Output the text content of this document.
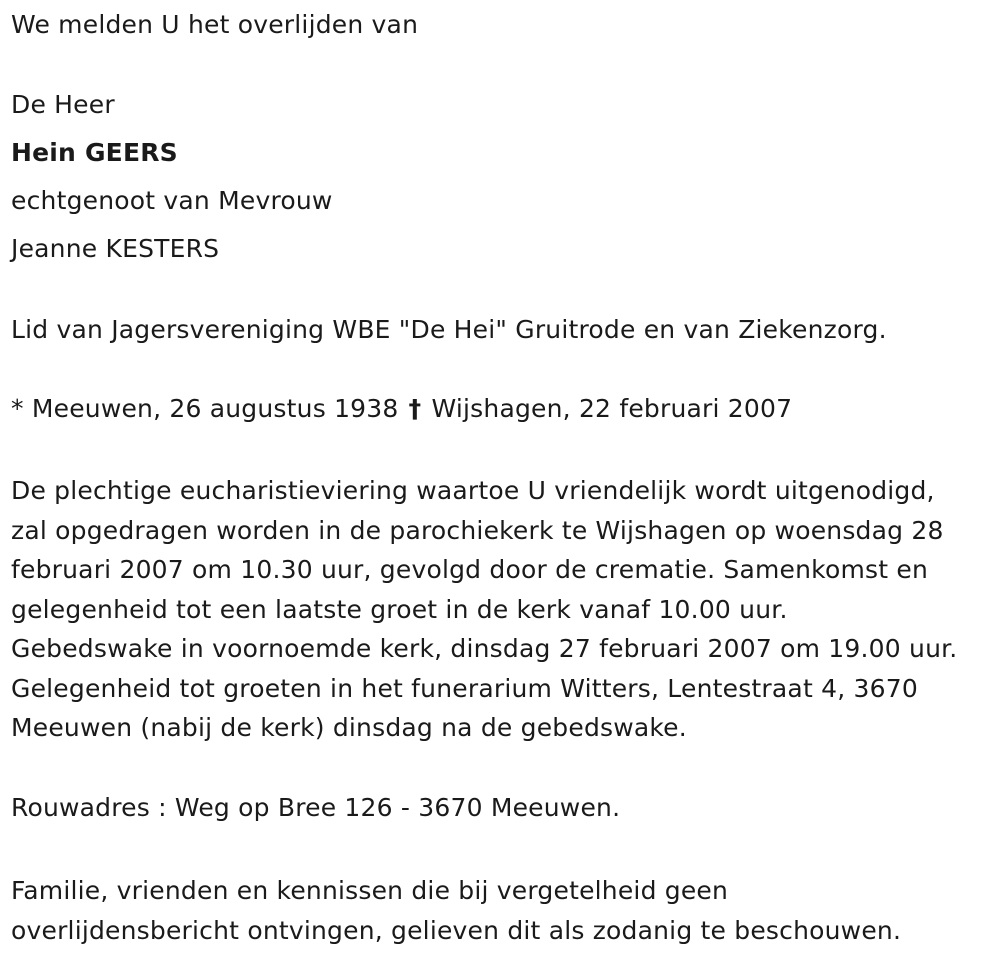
We melden U het overlijden van
De Heer
Hein GEERS
echtgenoot van Mevrouw
Jeanne KESTERS
Lid van Jagersvereniging WBE "De Hei" Gruitrode en van Ziekenzorg.
* Meeuwen, 26 augustus 1938 † Wijshagen, 22 februari 2007
De plechtige eucharistieviering waartoe U vriendelijk wordt uitgenodigd,
zal opgedragen worden in de parochiekerk te Wijshagen op woensdag 28
februari 2007 om 10.30 uur, gevolgd door de crematie. Samenkomst en
gelegenheid tot een laatste groet in de kerk vanaf 10.00 uur.
Gebedswake in voornoemde kerk, dinsdag 27 februari 2007 om 19.00 uur.
Gelegenheid tot groeten in het funerarium Witters, Lentestraat 4, 3670
Meeuwen (nabij de kerk) dinsdag na de gebedswake.
Rouwadres : Weg op Bree 126 - 3670 Meeuwen.
Familie, vrienden en kennissen die bij vergetelheid geen
overlijdensbericht ontvingen, gelieven dit als zodanig te beschouwen.
